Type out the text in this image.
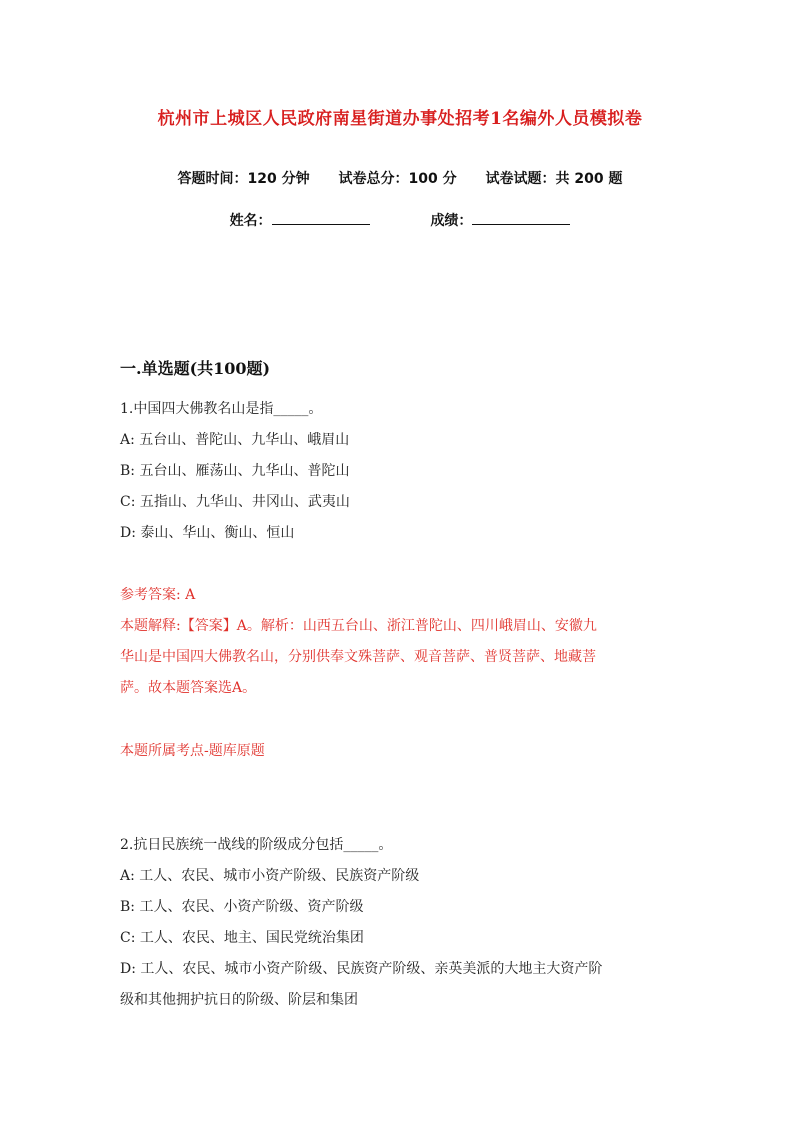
杭州市上城区人民政府南星街道办事处招考1名编外人员模拟卷
答题时间：120 分钟 试卷总分：100 分 试卷试题：共 200 题
姓名：	成绩：
一.单选题(共100题)
1.中国四大佛教名山是指_____。
A: 五台山、普陀山、九华山、峨眉山
B: 五台山、雁荡山、九华山、普陀山
C: 五指山、九华山、井冈山、武夷山
D: 泰山、华山、衡山、恒山
参考答案: A
本题解释:【答案】A。解析：山西五台山、浙江普陀山、四川峨眉山、安徽九
华山是中国四大佛教名山，分别供奉文殊菩萨、观音菩萨、普贤菩萨、地藏菩
萨。故本题答案选A。
本题所属考点-题库原题
2.抗日民族统一战线的阶级成分包括_____。
A: 工人、农民、城市小资产阶级、民族资产阶级
B: 工人、农民、小资产阶级、资产阶级
C: 工人、农民、地主、国民党统治集团
D: 工人、农民、城市小资产阶级、民族资产阶级、亲英美派的大地主大资产阶
级和其他拥护抗日的阶级、阶层和集团
